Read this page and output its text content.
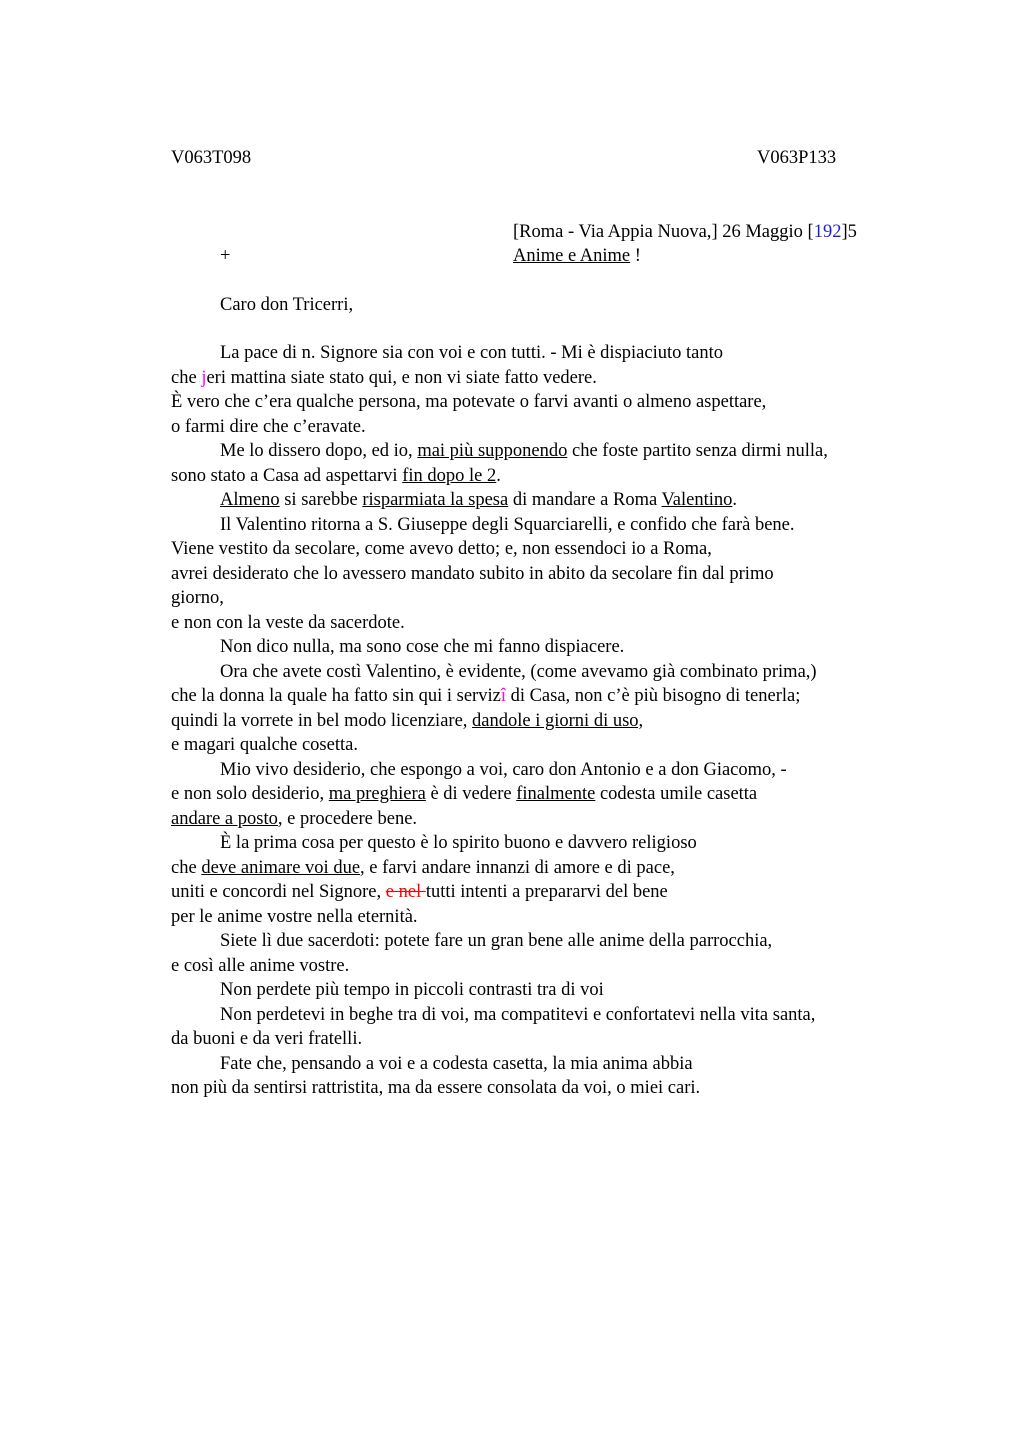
V063T098	V063P133
[Roma - Via Appia Nuova,] 26 Maggio [192]5
+	Anime e Anime !
Caro don Tricerri,
La pace di n. Signore sia con voi e con tutti. - Mi è dispiaciuto tanto
che jeri mattina siate stato qui, e non vi siate fatto vedere.
È vero che c’era qualche persona, ma potevate o farvi avanti o almeno aspettare,
o farmi dire che c’eravate.
Me lo dissero dopo, ed io, mai più supponendo che foste partito senza dirmi nulla,
sono stato a Casa ad aspettarvi fin dopo le 2.
Almeno si sarebbe risparmiata la spesa di mandare a Roma Valentino.
Il Valentino ritorna a S. Giuseppe degli Squarciarelli, e confido che farà bene.
Viene vestito da secolare, come avevo detto; e, non essendoci io a Roma,
avrei desiderato che lo avessero mandato subito in abito da secolare fin dal primo
giorno,
e non con la veste da sacerdote.
Non dico nulla, ma sono cose che mi fanno dispiacere.
Ora che avete costì Valentino, è evidente, (come avevamo già combinato prima,)
che la donna la quale ha fatto sin qui i servizî di Casa, non c’è più bisogno di tenerla;
quindi la vorrete in bel modo licenziare, dandole i giorni di uso,
e magari qualche cosetta.
Mio vivo desiderio, che espongo a voi, caro don Antonio e a don Giacomo, -
e non solo desiderio, ma preghiera è di vedere finalmente codesta umile casetta
andare a posto, e procedere bene.
È la prima cosa per questo è lo spirito buono e davvero religioso
che deve animare voi due, e farvi andare innanzi di amore e di pace,
uniti e concordi nel Signore, e nel tutti intenti a prepararvi del bene
per le anime vostre nella eternità.
Siete lì due sacerdoti: potete fare un gran bene alle anime della parrocchia,
e così alle anime vostre.
Non perdete più tempo in piccoli contrasti tra di voi
Non perdetevi in beghe tra di voi, ma compatitevi e confortatevi nella vita santa,
da buoni e da veri fratelli.
Fate che, pensando a voi e a codesta casetta, la mia anima abbia
non più da sentirsi rattristita, ma da essere consolata da voi, o miei cari.
